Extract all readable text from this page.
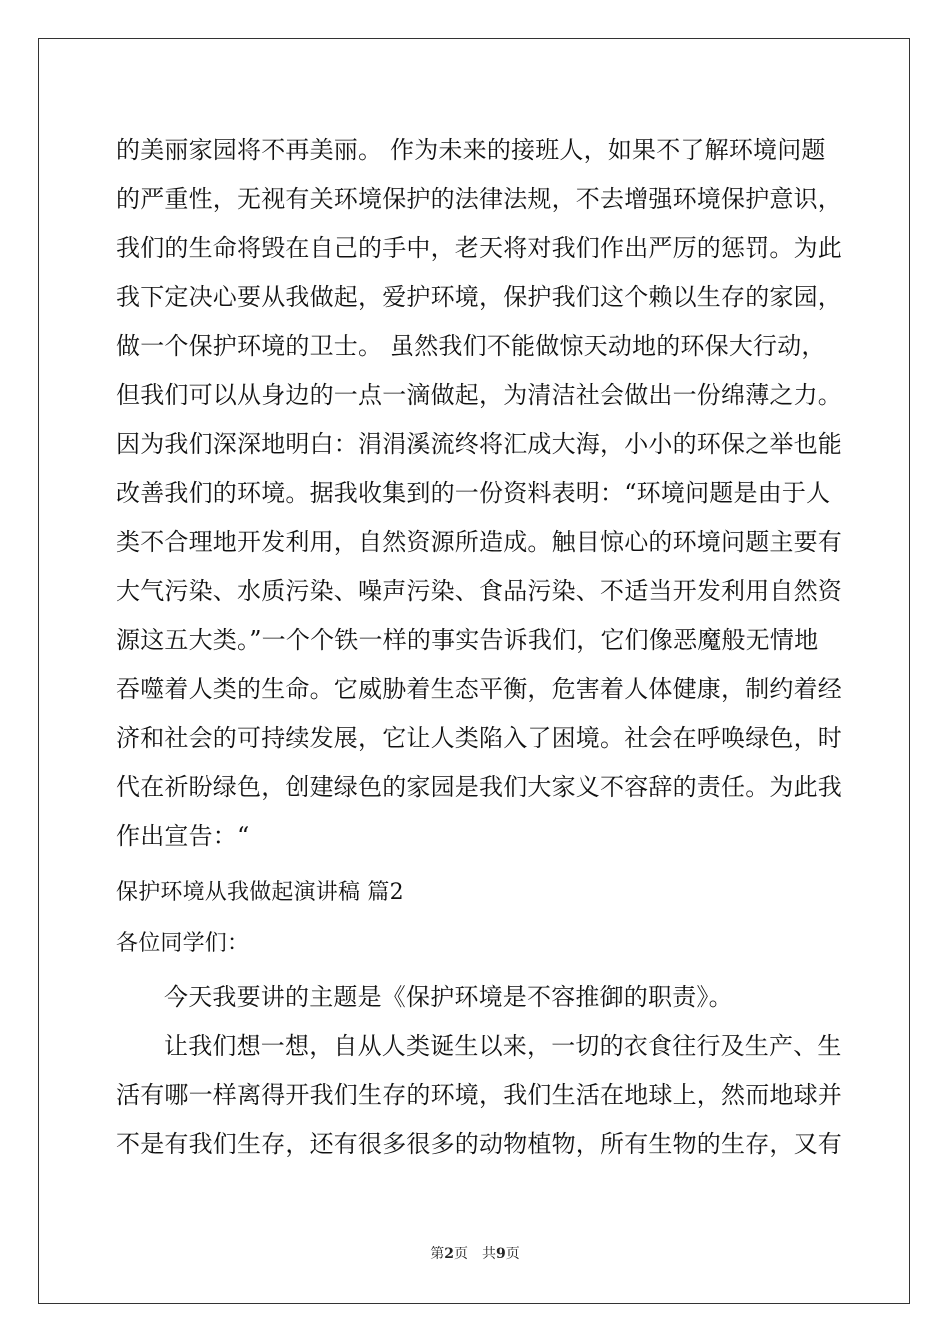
的美丽家园将不再美丽。 作为未来的接班人，如果不了解环境问题
的严重性，无视有关环境保护的法律法规，不去增强环境保护意识，
我们的生命将毁在自己的手中，老天将对我们作出严厉的惩罚。为此
我下定决心要从我做起，爱护环境，保护我们这个赖以生存的家园，
做一个保护环境的卫士。 虽然我们不能做惊天动地的环保大行动，
但我们可以从身边的一点一滴做起，为清洁社会做出一份绵薄之力。
因为我们深深地明白：涓涓溪流终将汇成大海，小小的环保之举也能
改善我们的环境。据我收集到的一份资料表明：“环境问题是由于人
类不合理地开发利用，自然资源所造成。触目惊心的环境问题主要有
大气污染、水质污染、噪声污染、食品污染、不适当开发利用自然资
源这五大类。”一个个铁一样的事实告诉我们，它们像恶魔般无情地
吞噬着人类的生命。它威胁着生态平衡，危害着人体健康，制约着经
济和社会的可持续发展，它让人类陷入了困境。社会在呼唤绿色，时
代在祈盼绿色，创建绿色的家园是我们大家义不容辞的责任。为此我
作出宣告：“
保护环境从我做起演讲稿 篇2
各位同学们：
今天我要讲的主题是《保护环境是不容推御的职责》。
让我们想一想，自从人类诞生以来，一切的衣食往行及生产、生
活有哪一样离得开我们生存的环境，我们生活在地球上，然而地球并
不是有我们生存，还有很多很多的动物植物，所有生物的生存，又有
第2页 共9页
